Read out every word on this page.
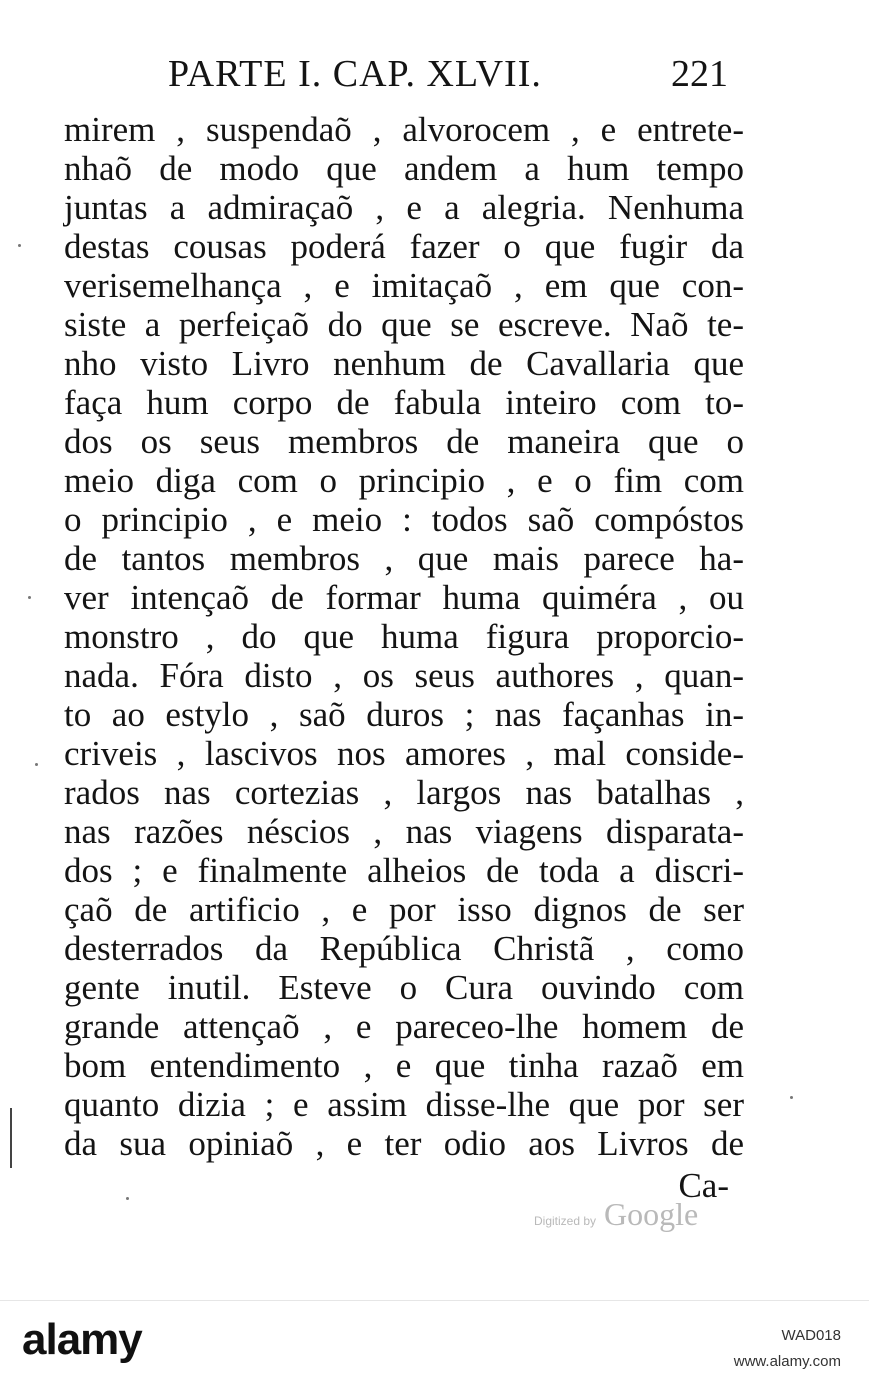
PARTE I. CAP. XLVII.	221
mirem , suspendaõ , alvorocem , e entrete-
nhaõ de modo que andem a hum tempo
juntas a admiraçaõ , e a alegria. Nenhuma
destas cousas poderá fazer o que fugir da
verisemelhança , e imitaçaõ , em que con-
siste a perfeiçaõ do que se escreve. Naõ te-
nho visto Livro nenhum de Cavallaria que
faça hum corpo de fabula inteiro com to-
dos os seus membros de maneira que o
meio diga com o principio , e o fim com
o principio , e meio : todos saõ compóstos
de tantos membros , que mais parece ha-
ver intençaõ de formar huma quiméra , ou
monstro , do que huma figura proporcio-
nada. Fóra disto , os seus authores , quan-
to ao estylo , saõ duros ; nas façanhas in-
criveis , lascivos nos amores , mal conside-
rados nas cortezias , largos nas batalhas ,
nas razões néscios , nas viagens disparata-
dos ; e finalmente alheios de toda a discri-
çaõ de artificio , e por isso dignos de ser
desterrados da República Christã , como
gente inutil. Esteve o Cura ouvindo com
grande attençaõ , e pareceo-lhe homem de
bom entendimento , e que tinha razaõ em
quanto dizia ; e assim disse-lhe que por ser
da sua opiniaõ , e ter odio aos Livros de
Ca-
Digitized by Google
alamy	WAD018
www.alamy.com
